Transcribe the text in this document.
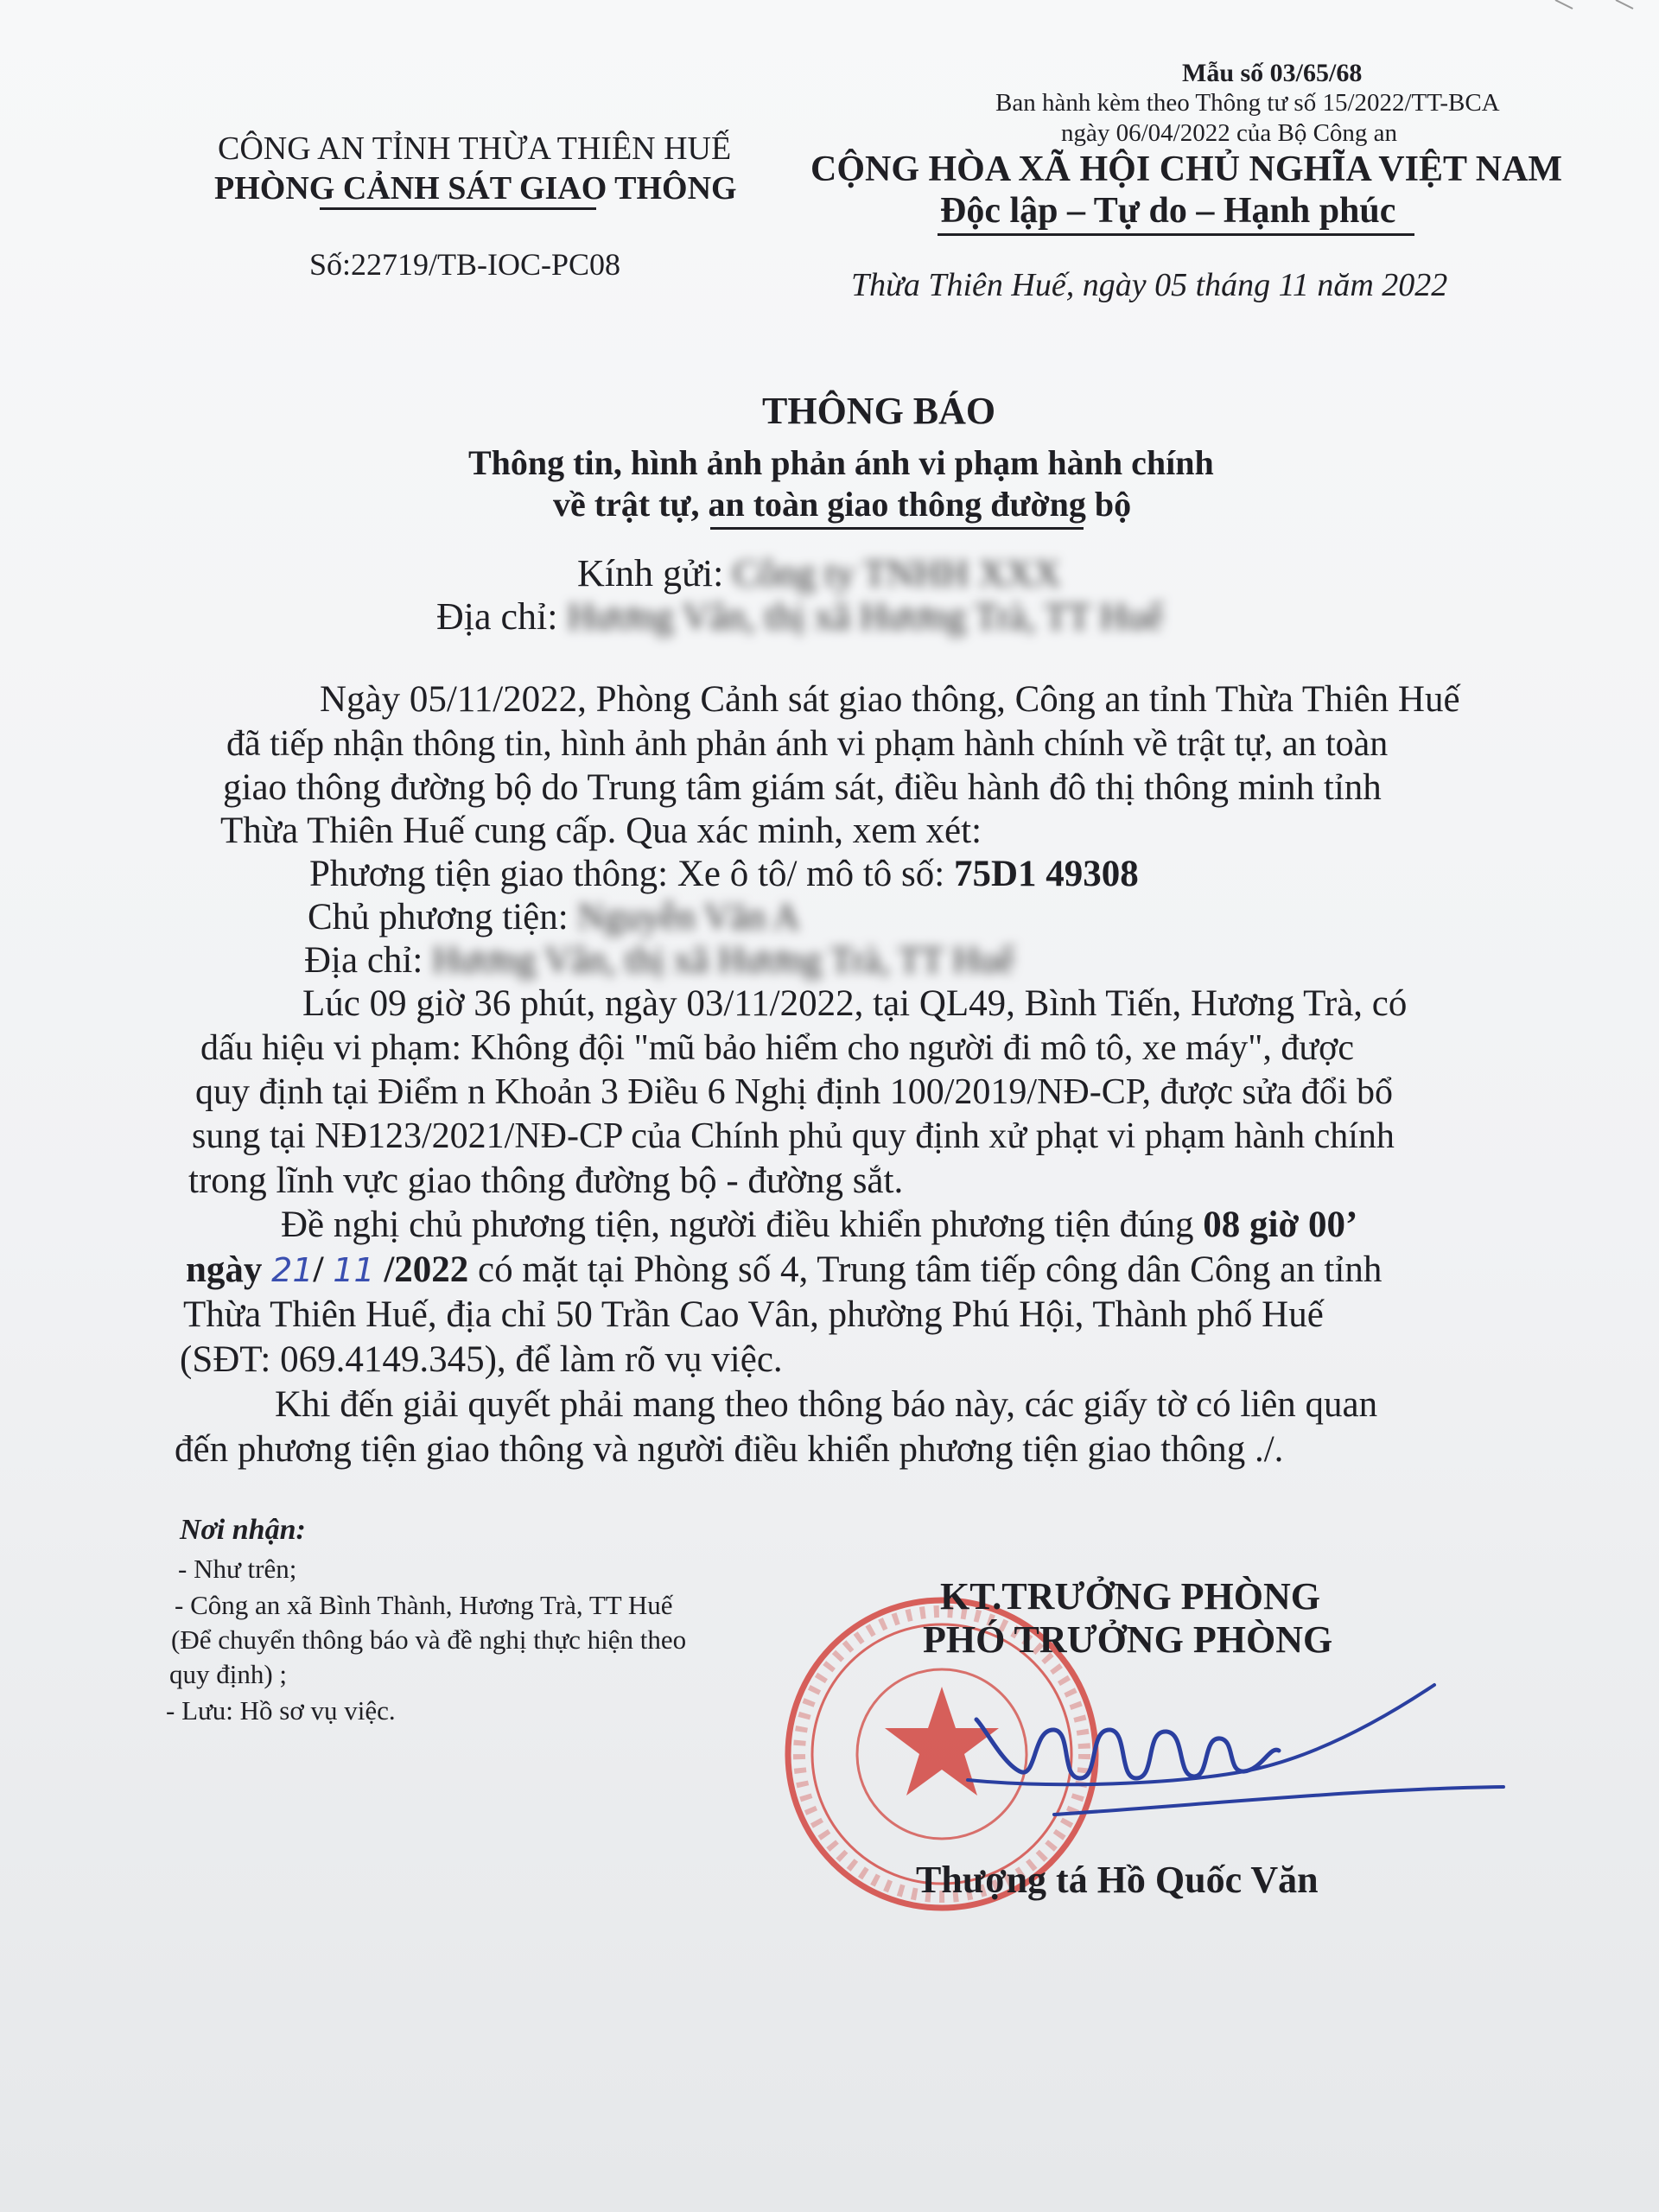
Mẫu số 03/65/68
Ban hành kèm theo Thông tư số 15/2022/TT-BCA
ngày 06/04/2022 của Bộ Công an
CÔNG AN TỈNH THỪA THIÊN HUẾ
PHÒNG CẢNH SÁT GIAO THÔNG
Số:22719/TB-IOC-PC08
CỘNG HÒA XÃ HỘI CHỦ NGHĨA VIỆT NAM
Độc lập – Tự do – Hạnh phúc
Thừa Thiên Huế, ngày 05 tháng 11 năm 2022
THÔNG BÁO
Thông tin, hình ảnh phản ánh vi phạm hành chính
về trật tự, an toàn giao thông đường bộ
Kính gửi: Công ty TNHH XXX
Địa chỉ: Hương Vân, thị xã Hương Trà, TT Huế
Ngày 05/11/2022, Phòng Cảnh sát giao thông, Công an tỉnh Thừa Thiên Huế
đã tiếp nhận thông tin, hình ảnh phản ánh vi phạm hành chính về trật tự, an toàn
giao thông đường bộ do Trung tâm giám sát, điều hành đô thị thông minh tỉnh
Thừa Thiên Huế cung cấp. Qua xác minh, xem xét:
Phương tiện giao thông: Xe ô tô/ mô tô số: 75D1 49308
Chủ phương tiện: Nguyễn Văn A
Địa chỉ: Hương Vân, thị xã Hương Trà, TT Huế
Lúc 09 giờ 36 phút, ngày 03/11/2022, tại QL49, Bình Tiến, Hương Trà, có
dấu hiệu vi phạm: Không đội "mũ bảo hiểm cho người đi mô tô, xe máy", được
quy định tại Điểm n Khoản 3 Điều 6 Nghị định 100/2019/NĐ-CP, được sửa đổi bổ
sung tại NĐ123/2021/NĐ-CP của Chính phủ quy định xử phạt vi phạm hành chính
trong lĩnh vực giao thông đường bộ - đường sắt.
Đề nghị chủ phương tiện, người điều khiển phương tiện đúng 08 giờ 00’
ngày 21/ 11 /2022 có mặt tại Phòng số 4, Trung tâm tiếp công dân Công an tỉnh
Thừa Thiên Huế, địa chỉ 50 Trần Cao Vân, phường Phú Hội, Thành phố Huế
(SĐT: 069.4149.345), để làm rõ vụ việc.
Khi đến giải quyết phải mang theo thông báo này, các giấy tờ có liên quan
đến phương tiện giao thông và người điều khiển phương tiện giao thông ./.
Nơi nhận:
- Như trên;
- Công an xã Bình Thành, Hương Trà, TT Huế
(Để chuyển thông báo và đề nghị thực hiện theo
quy định) ;
- Lưu: Hồ sơ vụ việc.
KT.TRƯỞNG PHÒNG
PHÓ TRƯỞNG PHÒNG
Thượng tá Hồ Quốc Văn
